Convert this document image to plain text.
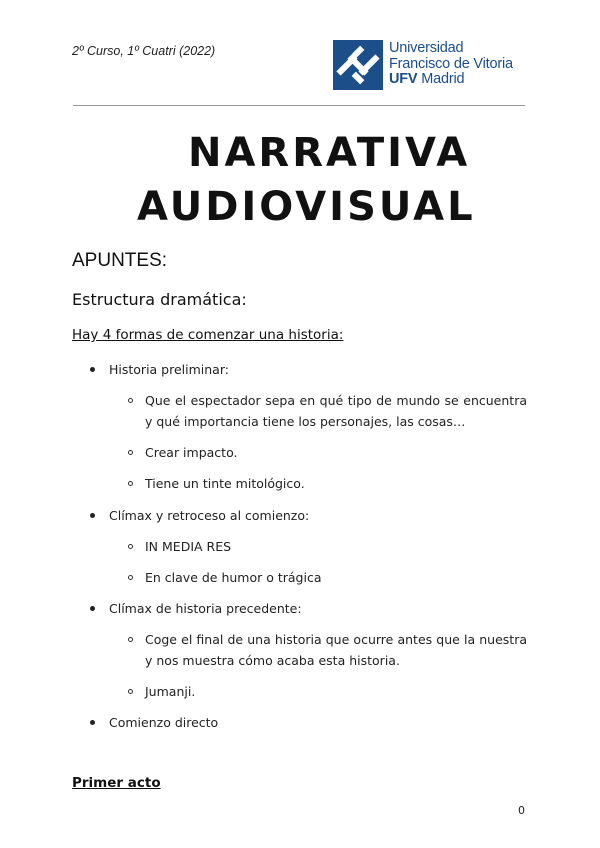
2º Curso, 1º Cuatri (2022)	Universidad
Francisco de Vitoria
UFV Madrid
NARRATIVA
AUDIOVISUAL
APUNTES:
Estructura dramática:
Hay 4 formas de comenzar una historia:
Historia preliminar:
Que el espectador sepa en qué tipo de mundo se encuentra y qué importancia tiene los personajes, las cosas…
Crear impacto.
Tiene un tinte mitológico.
Clímax y retroceso al comienzo:
IN MEDIA RES
En clave de humor o trágica
Clímax de historia precedente:
Coge el final de una historia que ocurre antes que la nuestra y nos muestra cómo acaba esta historia.
Jumanji.
Comienzo directo
Primer acto
0
